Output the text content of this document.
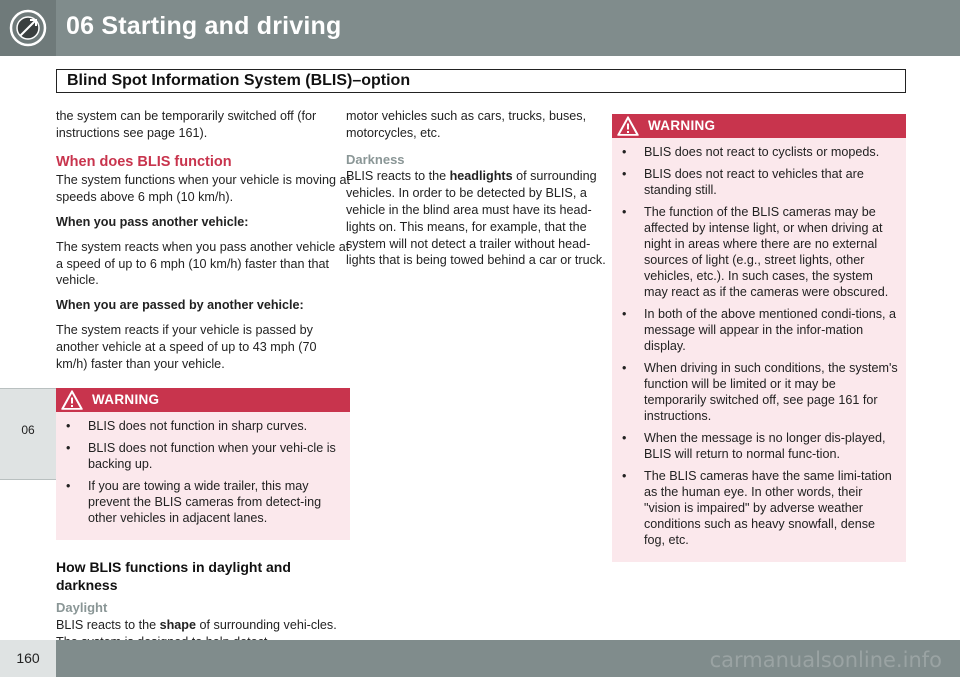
06 Starting and driving
Blind Spot Information System (BLIS)–option
06
the system can be temporarily switched off (for instructions see page 161).
When does BLIS function
The system functions when your vehicle is moving at speeds above 6 mph (10 km/h).
When you pass another vehicle:
The system reacts when you pass another vehicle at a speed of up to 6 mph (10 km/h) faster than that vehicle.
When you are passed by another vehicle:
The system reacts if your vehicle is passed by another vehicle at a speed of up to 43 mph (70 km/h) faster than your vehicle.
WARNING
• BLIS does not function in sharp curves.
• BLIS does not function when your vehi-cle is backing up.
• If you are towing a wide trailer, this may prevent the BLIS cameras from detect-ing other vehicles in adjacent lanes.
How BLIS functions in daylight and darkness
Daylight
BLIS reacts to the shape of surrounding vehi-cles.
motor vehicles such as cars, trucks, buses, motorcycles, etc.
Darkness
BLIS reacts to the headlights of surrounding vehicles. In order to be detected by BLIS, a vehicle in the blind area must have its head-lights on. This means, for example, that the system will not detect a trailer without head-lights that is being towed behind a car or truck.
WARNING
• BLIS does not react to cyclists or mopeds.
• BLIS does not react to vehicles that are standing still.
• The function of the BLIS cameras may be affected by intense light, or when driving at night in areas where there are no external sources of light (e.g., street lights, other vehicles, etc.). In such cases, the system may react as if the cameras were obscured.
• In both of the above mentioned condi-tions, a message will appear in the infor-mation display.
• When driving in such conditions, the system's function will be limited or it may be temporarily switched off, see page 161 for instructions.
• When the message is no longer dis-played, BLIS will return to normal func-tion.
• The BLIS cameras have the same limi-tation as the human eye. In other words, their "vision is impaired" by adverse weather conditions such as heavy snowfall, dense fog, etc.
160	carmanualsonline.info
